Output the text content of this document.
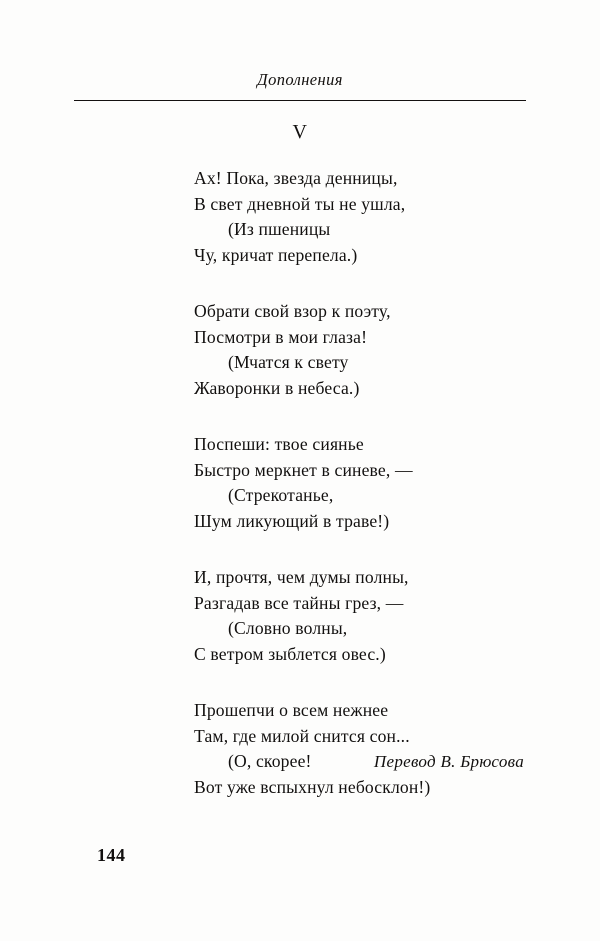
Дополнения
V
Ах! Пока, звезда денницы,
В свет дневной ты не ушла,
(Из пшеницы
Чу, кричат перепела.)
Обрати свой взор к поэту,
Посмотри в мои глаза!
(Мчатся к свету
Жаворонки в небеса.)
Поспеши: твое сиянье
Быстро меркнет в синеве, —
(Стрекотанье,
Шум ликующий в траве!)
И, прочтя, чем думы полны,
Разгадав все тайны грез, —
(Словно волны,
С ветром зыблется овес.)
Прошепчи о всем нежнее
Там, где милой снится сон...
(О, скорее!
Вот уже вспыхнул небосклон!)
Перевод В. Брюсова
144
